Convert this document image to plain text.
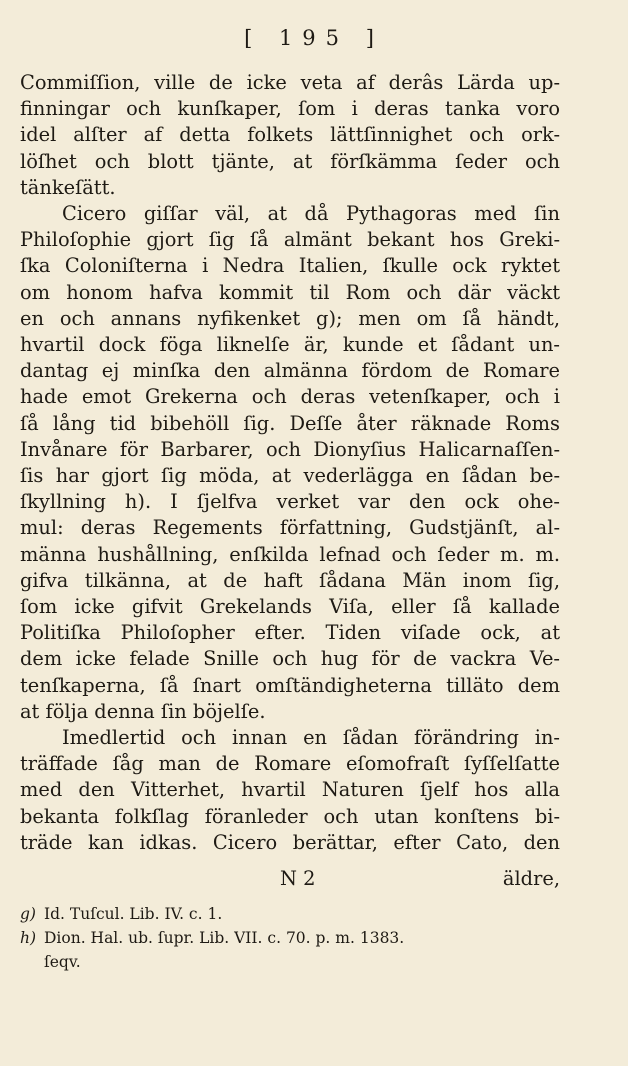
[ 195 ]
Commiſſion, ville de icke veta af derâs Lärda up-
finningar och kunſkaper, ſom i deras tanka voro
idel alſter af detta folkets lättſinnighet och ork-
löſhet och blott tjänte, at förſkämma ſeder och
tänkeſätt.
Cicero giſſar väl, at då Pythagoras med ſin
Philoſophie gjort ſig ſå almänt bekant hos Greki-
ſka Coloniſterna i Nedra Italien, ſkulle ock ryktet
om honom hafva kommit til Rom och där väckt
en och annans nyfikenket g); men om ſå händt,
hvartil dock föga liknelſe är, kunde et ſådant un-
dantag ej minſka den almänna fördom de Romare
hade emot Grekerna och deras vetenſkaper, och i
ſå lång tid bibehöll ſig. Deſſe åter räknade Roms
Invånare för Barbarer, och Dionyſius Halicarnaſſen-
ſis har gjort ſig möda, at vederlägga en ſådan be-
ſkyllning h). I ſjelfva verket var den ock ohe-
mul: deras Regements författning, Gudstjänſt, al-
männa hushållning, enſkilda lefnad och ſeder m. m.
gifva tilkänna, at de haft ſådana Män inom ſig,
ſom icke gifvit Grekelands Viſa, eller ſå kallade
Politiſka Philoſopher efter. Tiden viſade ock, at
dem icke felade Snille och hug för de vackra Ve-
tenſkaperna, ſå ſnart omſtändigheterna tilläto dem
at följa denna ſin böjelſe.
Imedlertid och innan en ſådan förändring in-
träffade ſåg man de Romare eſomofraſt ſyſſelſatte
med den Vitterhet, hvartil Naturen ſjelf hos alla
bekanta folkſlag föranleder och utan konſtens bi-
träde kan idkas. Cicero berättar, efter Cato, den
N 2	äldre,
g) Id. Tuſcul. Lib. IV. c. 1.
h) Dion. Hal. ub. ſupr. Lib. VII. c. 70. p. m. 1383.
ſeqv.
